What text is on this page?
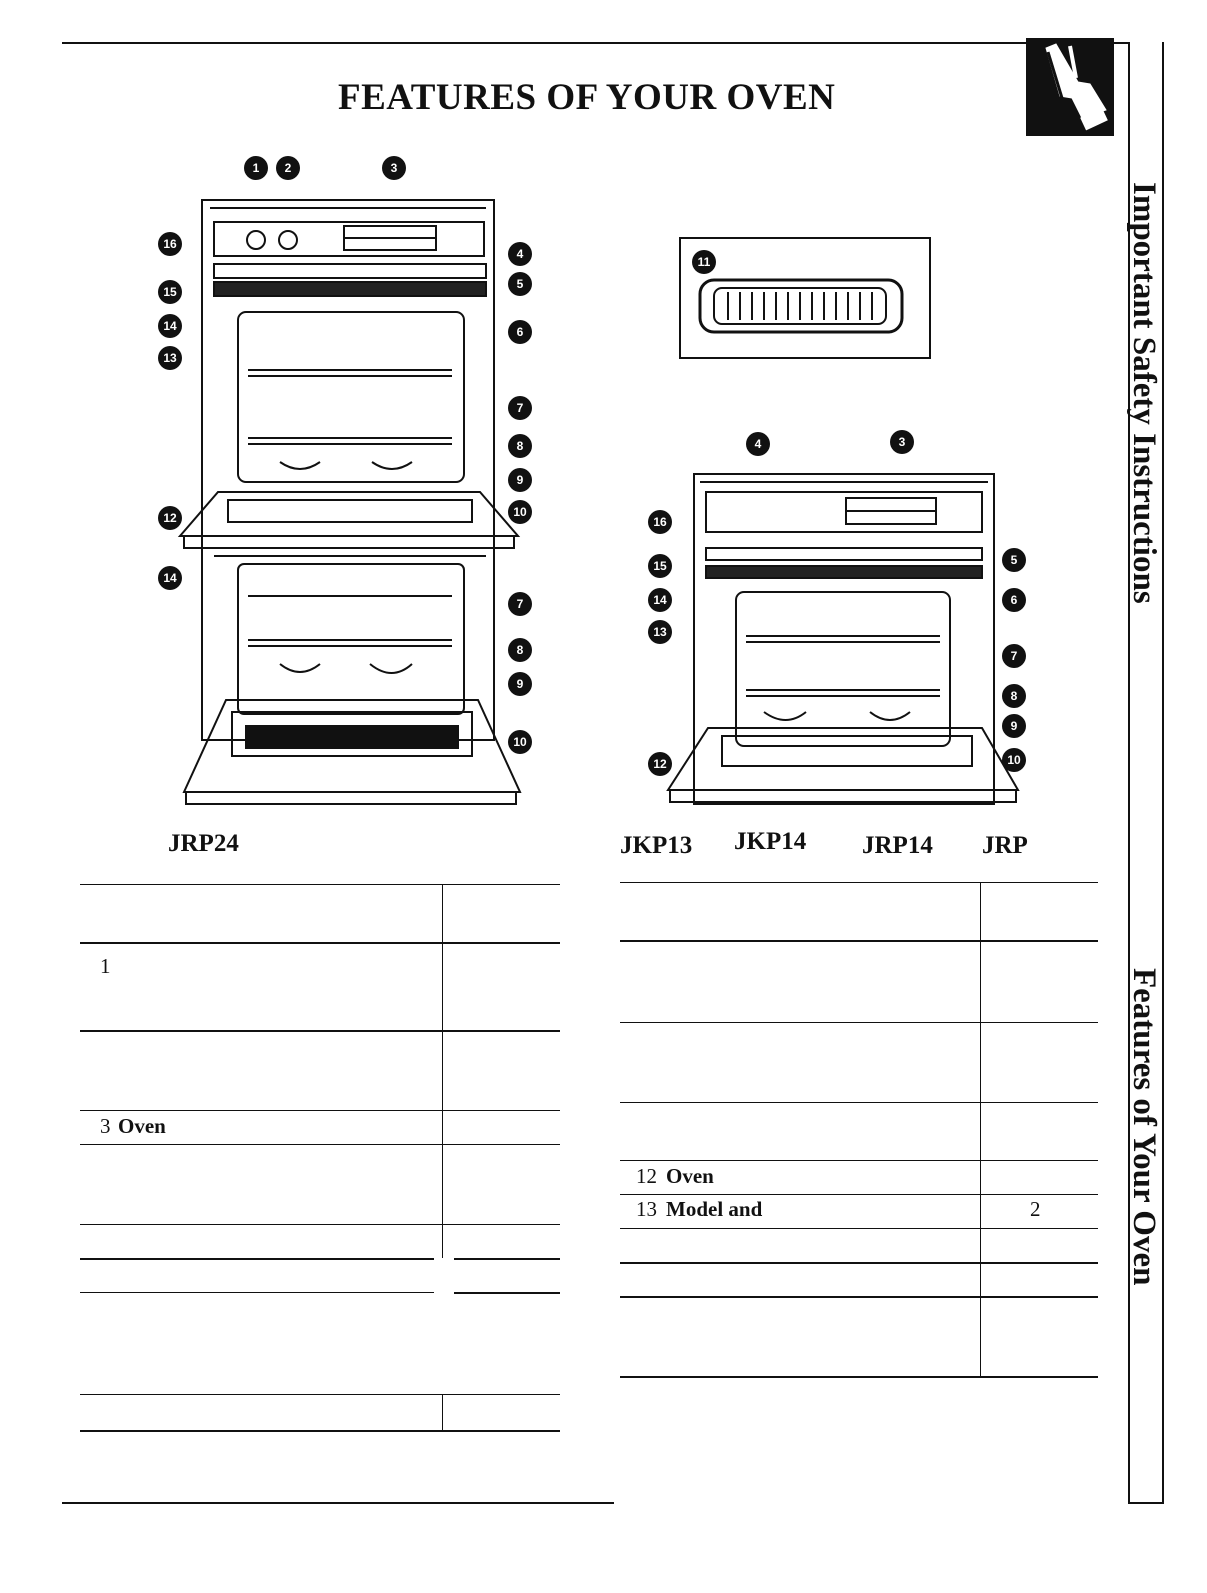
FEATURES OF YOUR OVEN
Important Safety Instructions
Features of Your Oven
1	2	3
4
5
6
7
8
9
10
12
13
14
15
16
14
7
8
9
10
JRP24
11
4	3
16
15
14
13
5
6
7
8
9
12	10
JKP13 JKP14 JRP14 JRP
1
3 Oven
12 Oven
13 Model and	2
